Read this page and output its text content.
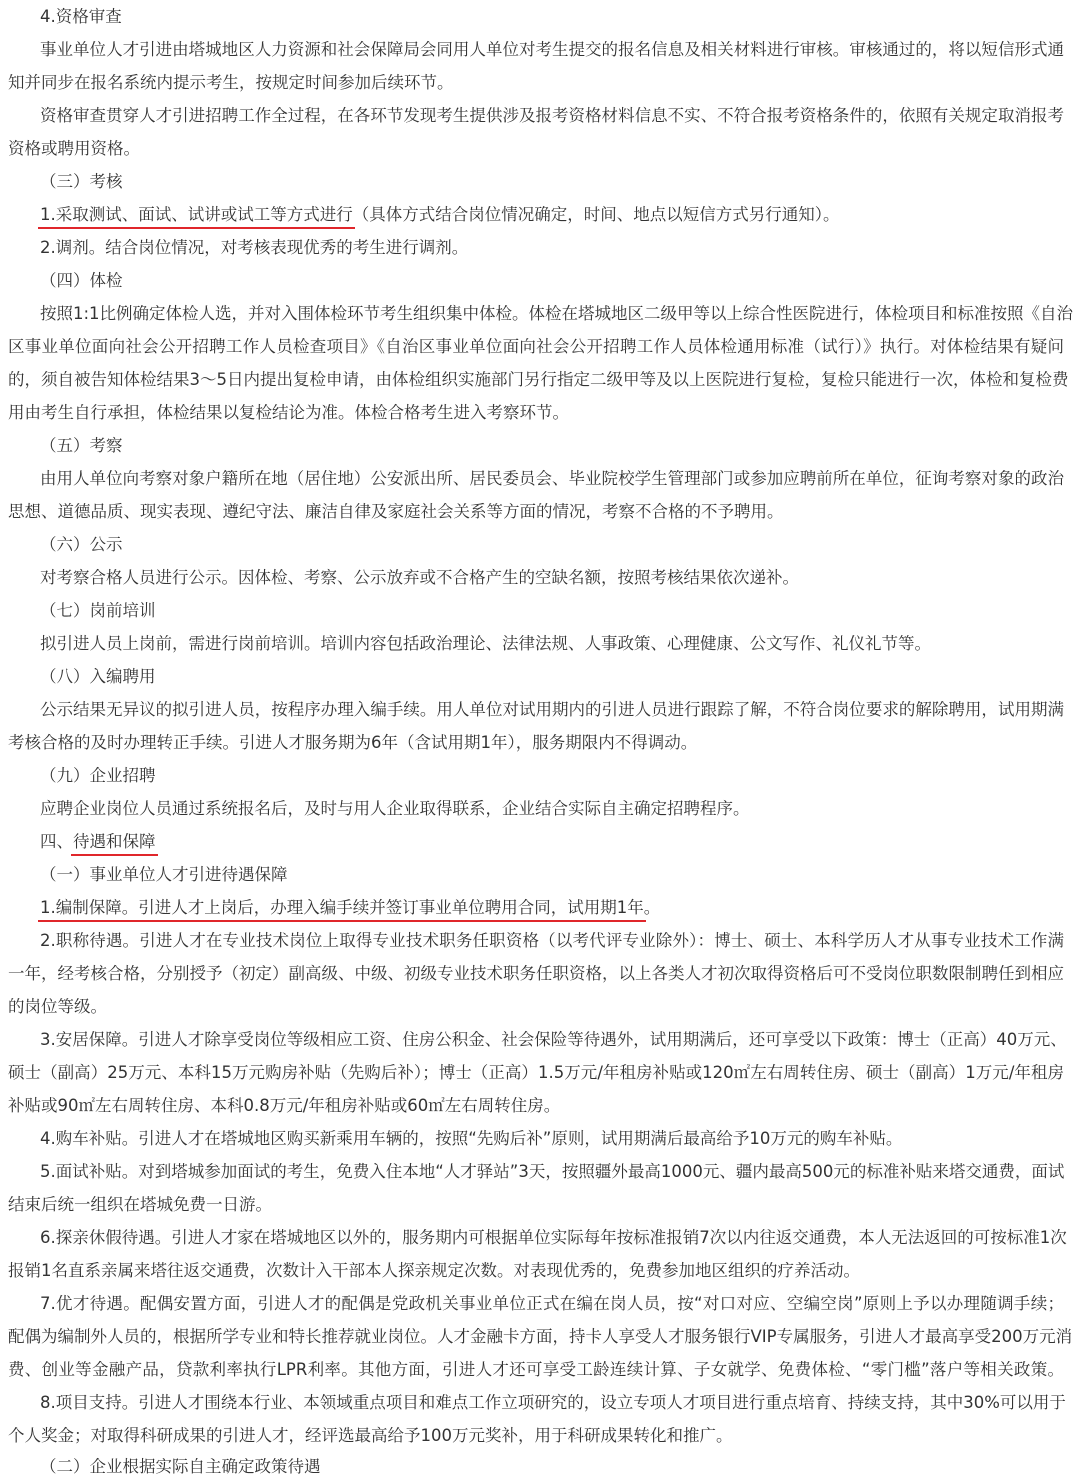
4.资格审查
事业单位人才引进由塔城地区人力资源和社会保障局会同用人单位对考生提交的报名信息及相关材料进行审核。审核通过的，将以短信形式通
知并同步在报名系统内提示考生，按规定时间参加后续环节。
资格审查贯穿人才引进招聘工作全过程，在各环节发现考生提供涉及报考资格材料信息不实、不符合报考资格条件的，依照有关规定取消报考
资格或聘用资格。
（三）考核
1.采取测试、面试、试讲或试工等方式进行（具体方式结合岗位情况确定，时间、地点以短信方式另行通知）。
2.调剂。结合岗位情况，对考核表现优秀的考生进行调剂。
（四）体检
按照1:1比例确定体检人选，并对入围体检环节考生组织集中体检。体检在塔城地区二级甲等以上综合性医院进行，体检项目和标准按照《自治
区事业单位面向社会公开招聘工作人员检查项目》《自治区事业单位面向社会公开招聘工作人员体检通用标准（试行）》执行。对体检结果有疑问
的，须自被告知体检结果3～5日内提出复检申请，由体检组织实施部门另行指定二级甲等及以上医院进行复检，复检只能进行一次，体检和复检费
用由考生自行承担，体检结果以复检结论为准。体检合格考生进入考察环节。
（五）考察
由用人单位向考察对象户籍所在地（居住地）公安派出所、居民委员会、毕业院校学生管理部门或参加应聘前所在单位，征询考察对象的政治
思想、道德品质、现实表现、遵纪守法、廉洁自律及家庭社会关系等方面的情况，考察不合格的不予聘用。
（六）公示
对考察合格人员进行公示。因体检、考察、公示放弃或不合格产生的空缺名额，按照考核结果依次递补。
（七）岗前培训
拟引进人员上岗前，需进行岗前培训。培训内容包括政治理论、法律法规、人事政策、心理健康、公文写作、礼仪礼节等。
（八）入编聘用
公示结果无异议的拟引进人员，按程序办理入编手续。用人单位对试用期内的引进人员进行跟踪了解，不符合岗位要求的解除聘用，试用期满
考核合格的及时办理转正手续。引进人才服务期为6年（含试用期1年），服务期限内不得调动。
（九）企业招聘
应聘企业岗位人员通过系统报名后，及时与用人企业取得联系，企业结合实际自主确定招聘程序。
四、待遇和保障
（一）事业单位人才引进待遇保障
1.编制保障。引进人才上岗后，办理入编手续并签订事业单位聘用合同，试用期1年。
2.职称待遇。引进人才在专业技术岗位上取得专业技术职务任职资格（以考代评专业除外）：博士、硕士、本科学历人才从事专业技术工作满
一年，经考核合格，分别授予（初定）副高级、中级、初级专业技术职务任职资格，以上各类人才初次取得资格后可不受岗位职数限制聘任到相应
的岗位等级。
3.安居保障。引进人才除享受岗位等级相应工资、住房公积金、社会保险等待遇外，试用期满后，还可享受以下政策：博士（正高）40万元、
硕士（副高）25万元、本科15万元购房补贴（先购后补）；博士（正高）1.5万元/年租房补贴或120㎡左右周转住房、硕士（副高）1万元/年租房
补贴或90㎡左右周转住房、本科0.8万元/年租房补贴或60㎡左右周转住房。
4.购车补贴。引进人才在塔城地区购买新乘用车辆的，按照“先购后补”原则，试用期满后最高给予10万元的购车补贴。
5.面试补贴。对到塔城参加面试的考生，免费入住本地“人才驿站”3天，按照疆外最高1000元、疆内最高500元的标准补贴来塔交通费，面试
结束后统一组织在塔城免费一日游。
6.探亲休假待遇。引进人才家在塔城地区以外的，服务期内可根据单位实际每年按标准报销7次以内往返交通费，本人无法返回的可按标准1次
报销1名直系亲属来塔往返交通费，次数计入干部本人探亲规定次数。对表现优秀的，免费参加地区组织的疗养活动。
7.优才待遇。配偶安置方面，引进人才的配偶是党政机关事业单位正式在编在岗人员，按“对口对应、空编空岗”原则上予以办理随调手续；
配偶为编制外人员的，根据所学专业和特长推荐就业岗位。人才金融卡方面，持卡人享受人才服务银行VIP专属服务，引进人才最高享受200万元消
费、创业等金融产品，贷款利率执行LPR利率。其他方面，引进人才还可享受工龄连续计算、子女就学、免费体检、“零门槛”落户等相关政策。
8.项目支持。引进人才围绕本行业、本领域重点项目和难点工作立项研究的，设立专项人才项目进行重点培育、持续支持，其中30%可以用于
个人奖金；对取得科研成果的引进人才，经评选最高给予100万元奖补，用于科研成果转化和推广。
（二）企业根据实际自主确定政策待遇
